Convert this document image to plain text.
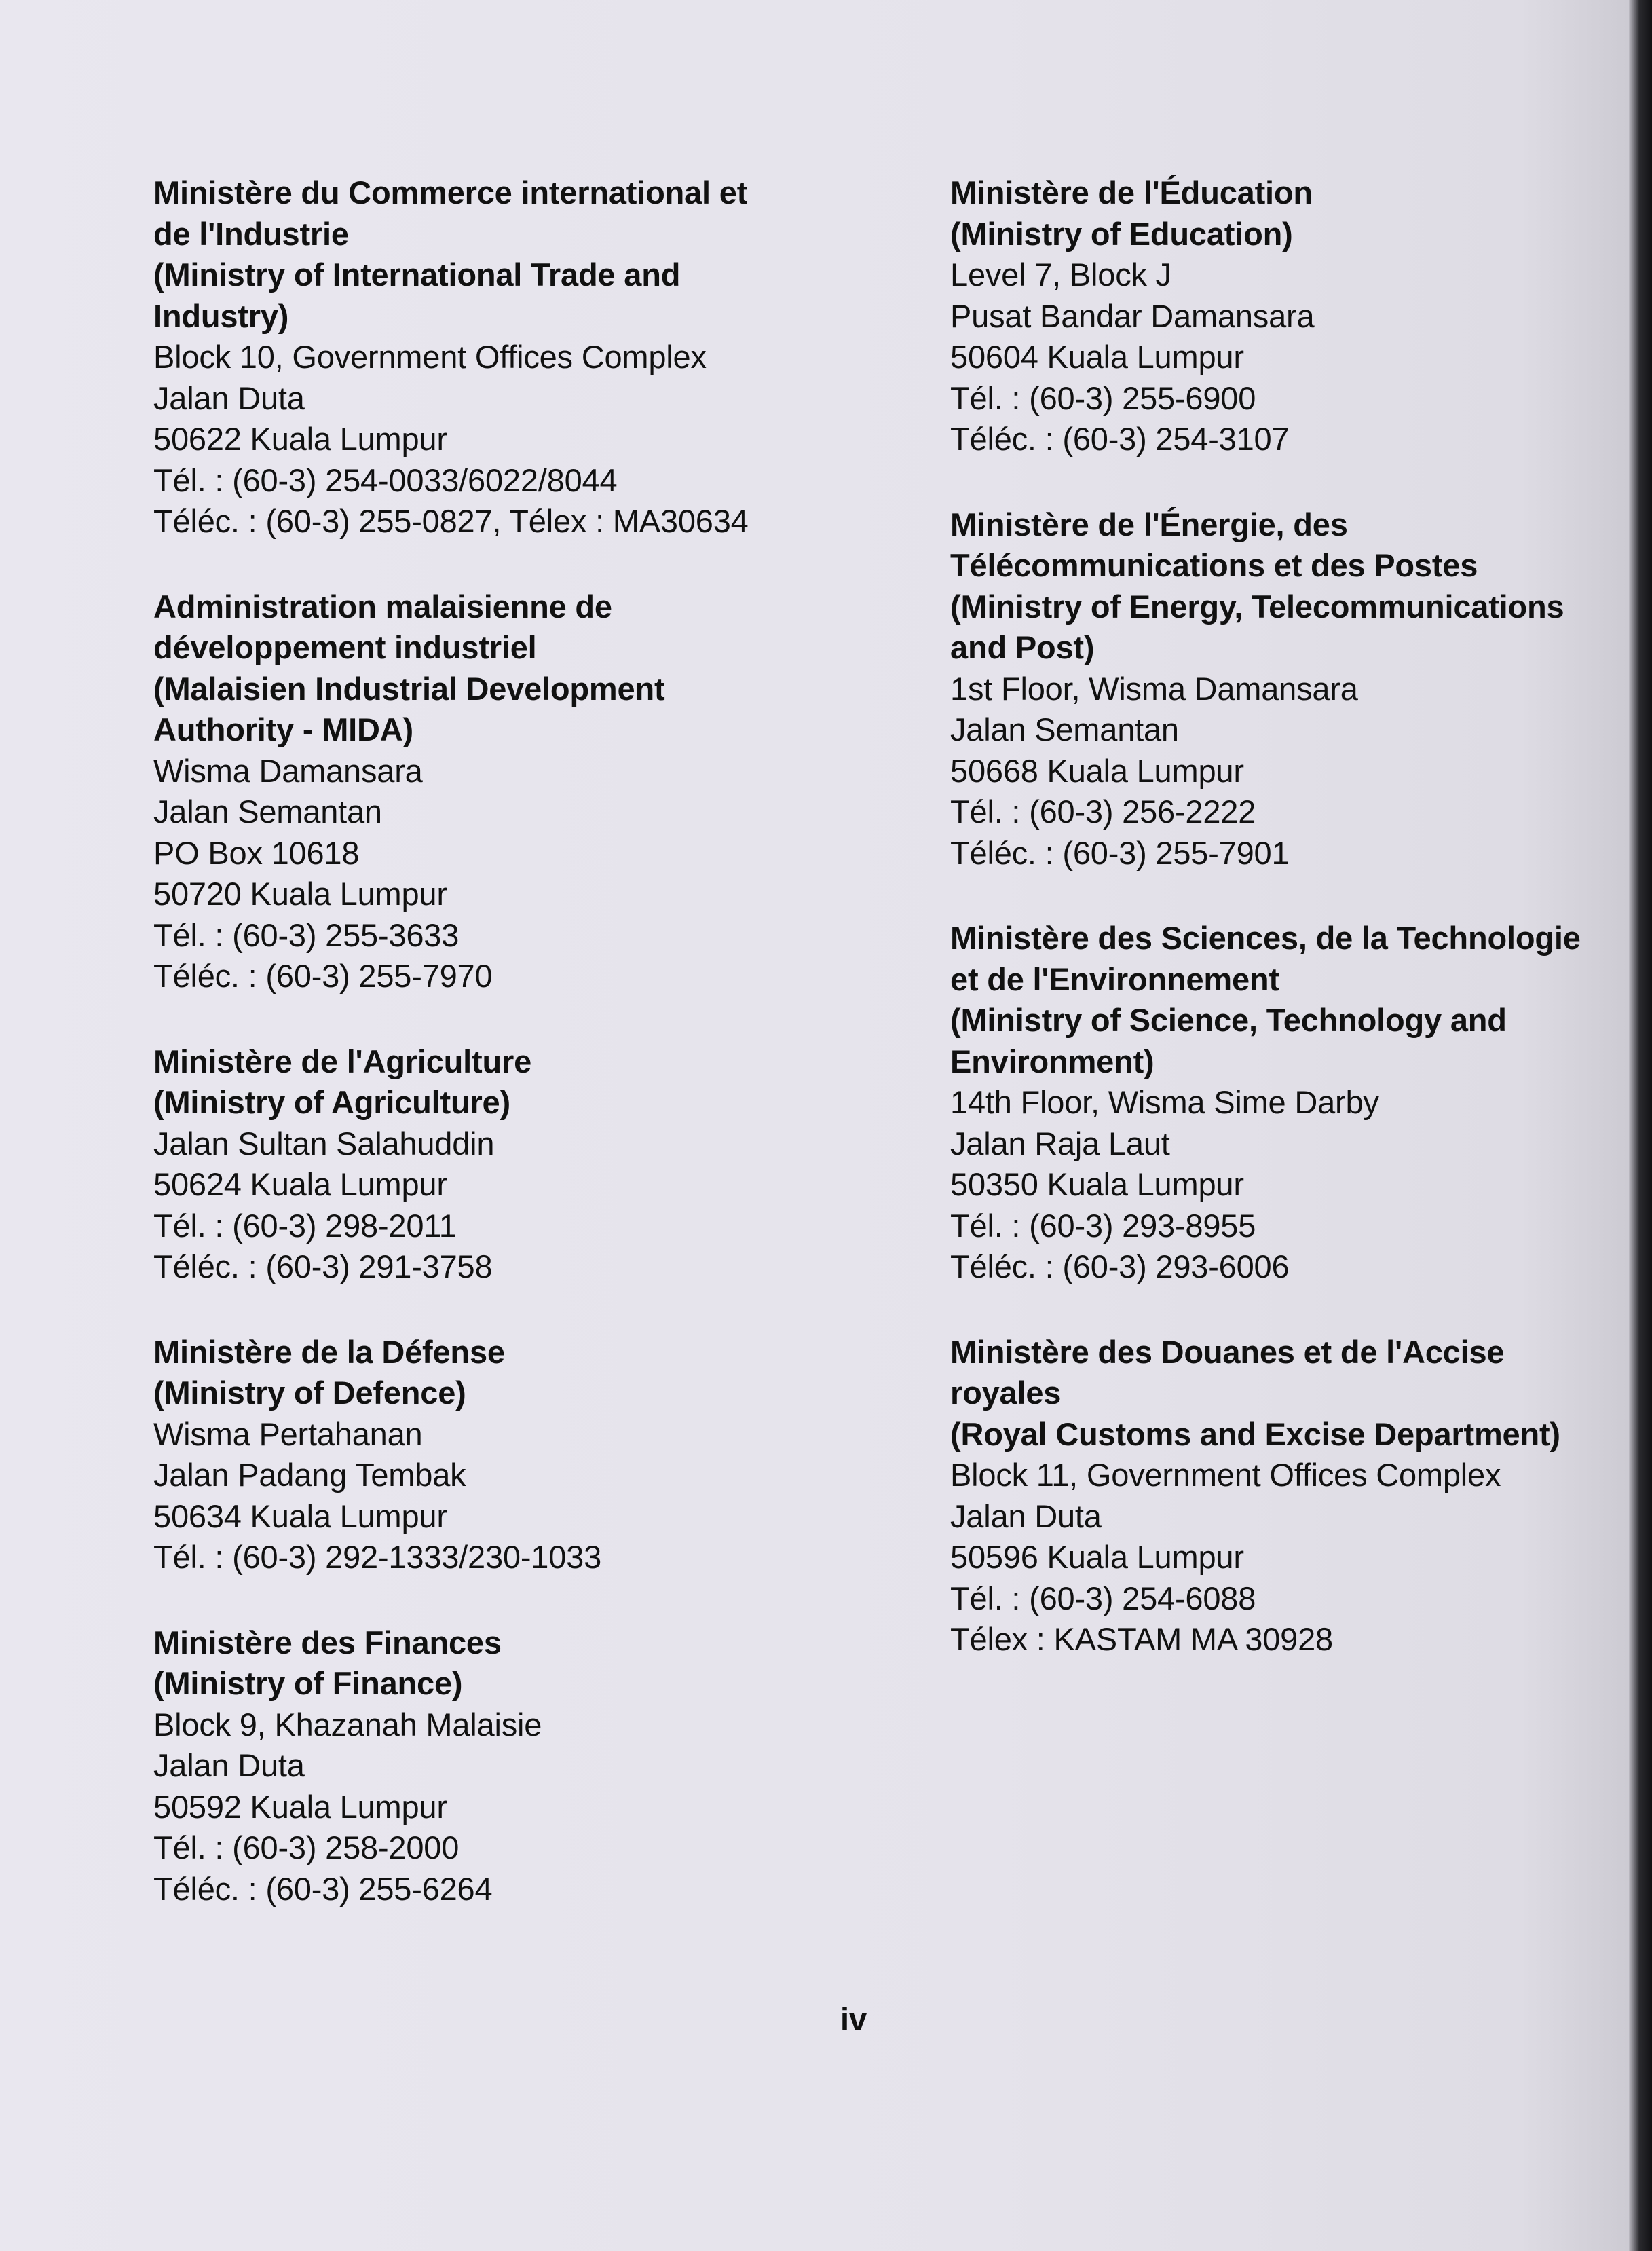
Ministère du Commerce international et
de l'Industrie
(Ministry of International Trade and
Industry)
Block 10, Government Offices Complex
Jalan Duta
50622 Kuala Lumpur
Tél. : (60-3) 254-0033/6022/8044
Téléc. : (60-3) 255-0827, Télex : MA30634
Administration malaisienne de
développement industriel
(Malaisien Industrial Development
Authority - MIDA)
Wisma Damansara
Jalan Semantan
PO Box 10618
50720 Kuala Lumpur
Tél. : (60-3) 255-3633
Téléc. : (60-3) 255-7970
Ministère de l'Agriculture
(Ministry of Agriculture)
Jalan Sultan Salahuddin
50624 Kuala Lumpur
Tél. : (60-3) 298-2011
Téléc. : (60-3) 291-3758
Ministère de la Défense
(Ministry of Defence)
Wisma Pertahanan
Jalan Padang Tembak
50634 Kuala Lumpur
Tél. : (60-3) 292-1333/230-1033
Ministère des Finances
(Ministry of Finance)
Block 9, Khazanah Malaisie
Jalan Duta
50592 Kuala Lumpur
Tél. : (60-3) 258-2000
Téléc. : (60-3) 255-6264
Ministère de l'Éducation
(Ministry of Education)
Level 7, Block J
Pusat Bandar Damansara
50604 Kuala Lumpur
Tél. : (60-3) 255-6900
Téléc. : (60-3) 254-3107
Ministère de l'Énergie, des
Télécommunications et des Postes
(Ministry of Energy, Telecommunications
and Post)
1st Floor, Wisma Damansara
Jalan Semantan
50668 Kuala Lumpur
Tél. : (60-3) 256-2222
Téléc. : (60-3) 255-7901
Ministère des Sciences, de la Technologie
et de l'Environnement
(Ministry of Science, Technology and
Environment)
14th Floor, Wisma Sime Darby
Jalan Raja Laut
50350 Kuala Lumpur
Tél. : (60-3) 293-8955
Téléc. : (60-3) 293-6006
Ministère des Douanes et de l'Accise
royales
(Royal Customs and Excise Department)
Block 11, Government Offices Complex
Jalan Duta
50596 Kuala Lumpur
Tél. : (60-3) 254-6088
Télex : KASTAM MA 30928
iv
